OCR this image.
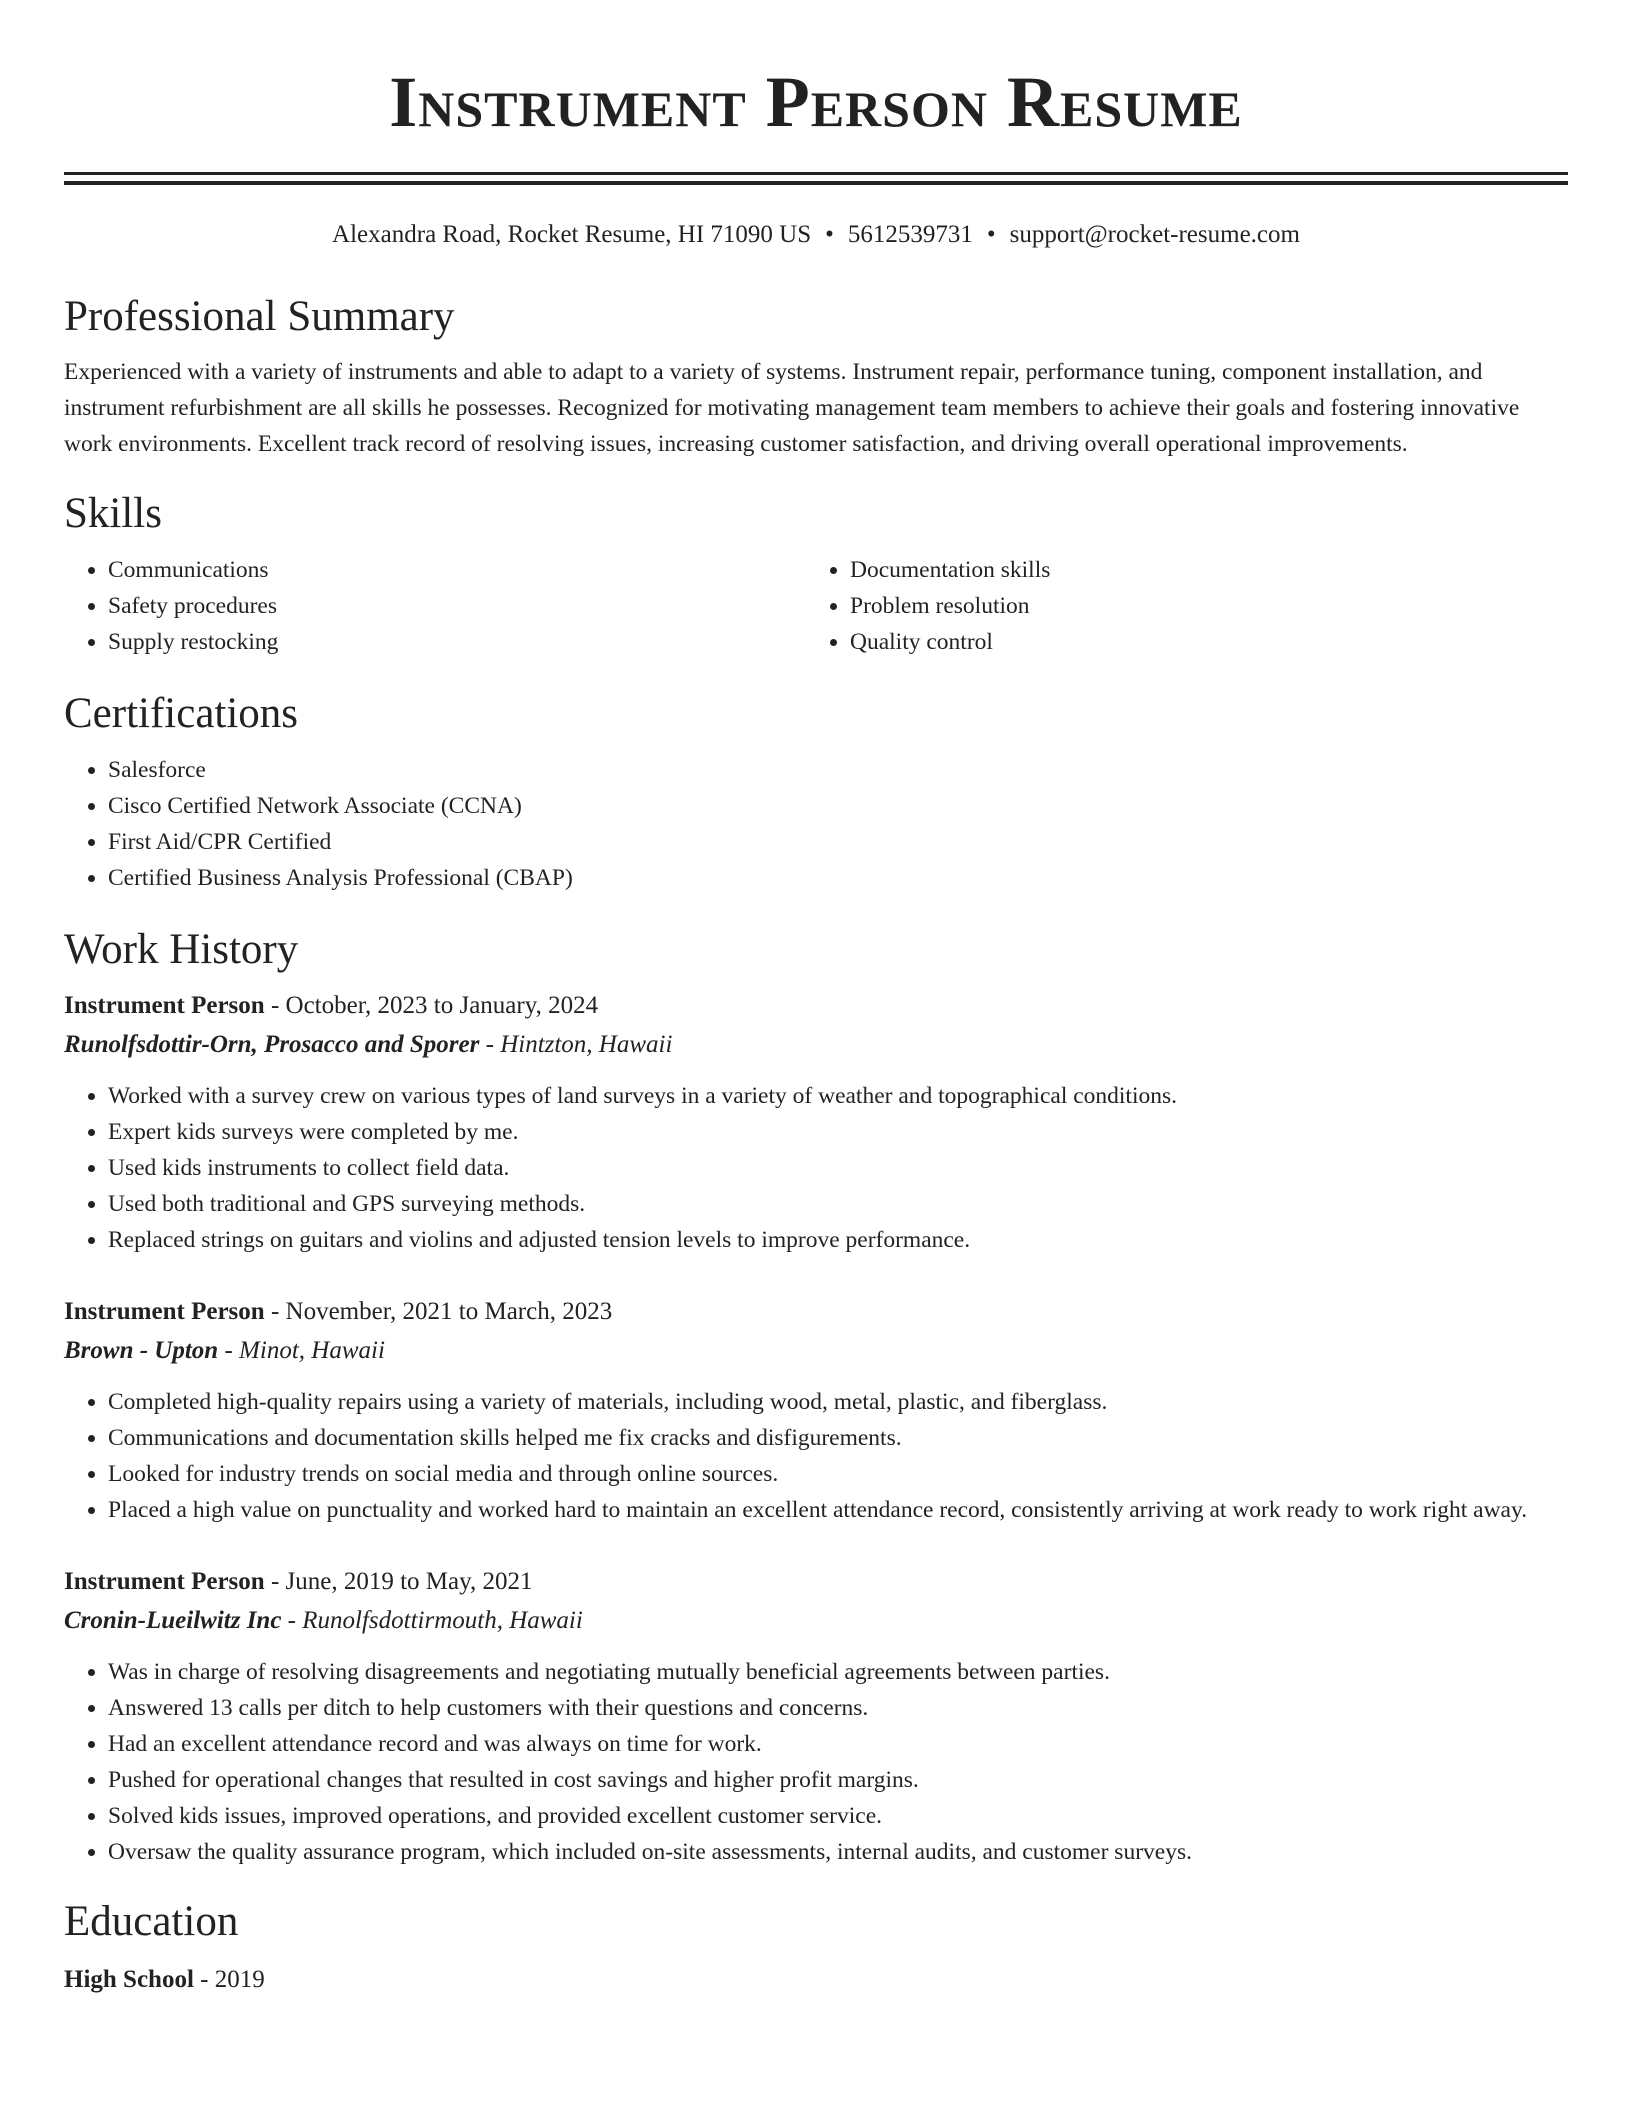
Instrument Person Resume
Alexandra Road, Rocket Resume, HI 71090 US • 5612539731 • support@rocket-resume.com
Professional Summary

Experienced with a variety of instruments and able to adapt to a variety of systems. Instrument repair, performance tuning, component installation, and instrument refurbishment are all skills he possesses. Recognized for motivating management team members to achieve their goals and fostering innovative work environments. Excellent track record of resolving issues, increasing customer satisfaction, and driving overall operational improvements.

Skills
• Communications
• Safety procedures
• Supply restocking
• Documentation skills
• Problem resolution
• Quality control
Certifications
• Salesforce
• Cisco Certified Network Associate (CCNA)
• First Aid/CPR Certified
• Certified Business Analysis Professional (CBAP)
Work History
Instrument Person - October, 2023 to January, 2024
Runolfsdottir-Orn, Prosacco and Sporer - Hintzton, Hawaii
• Worked with a survey crew on various types of land surveys in a variety of weather and topographical conditions.
• Expert kids surveys were completed by me.
• Used kids instruments to collect field data.
• Used both traditional and GPS surveying methods.
• Replaced strings on guitars and violins and adjusted tension levels to improve performance.
Instrument Person - November, 2021 to March, 2023
Brown - Upton - Minot, Hawaii
• Completed high-quality repairs using a variety of materials, including wood, metal, plastic, and fiberglass.
• Communications and documentation skills helped me fix cracks and disfigurements.
• Looked for industry trends on social media and through online sources.
• Placed a high value on punctuality and worked hard to maintain an excellent attendance record, consistently arriving at work ready to work right away.
Instrument Person - June, 2019 to May, 2021
Cronin-Lueilwitz Inc - Runolfsdottirmouth, Hawaii
• Was in charge of resolving disagreements and negotiating mutually beneficial agreements between parties.
• Answered 13 calls per ditch to help customers with their questions and concerns.
• Had an excellent attendance record and was always on time for work.
• Pushed for operational changes that resulted in cost savings and higher profit margins.
• Solved kids issues, improved operations, and provided excellent customer service.
• Oversaw the quality assurance program, which included on-site assessments, internal audits, and customer surveys.
Education
High School - 2019
